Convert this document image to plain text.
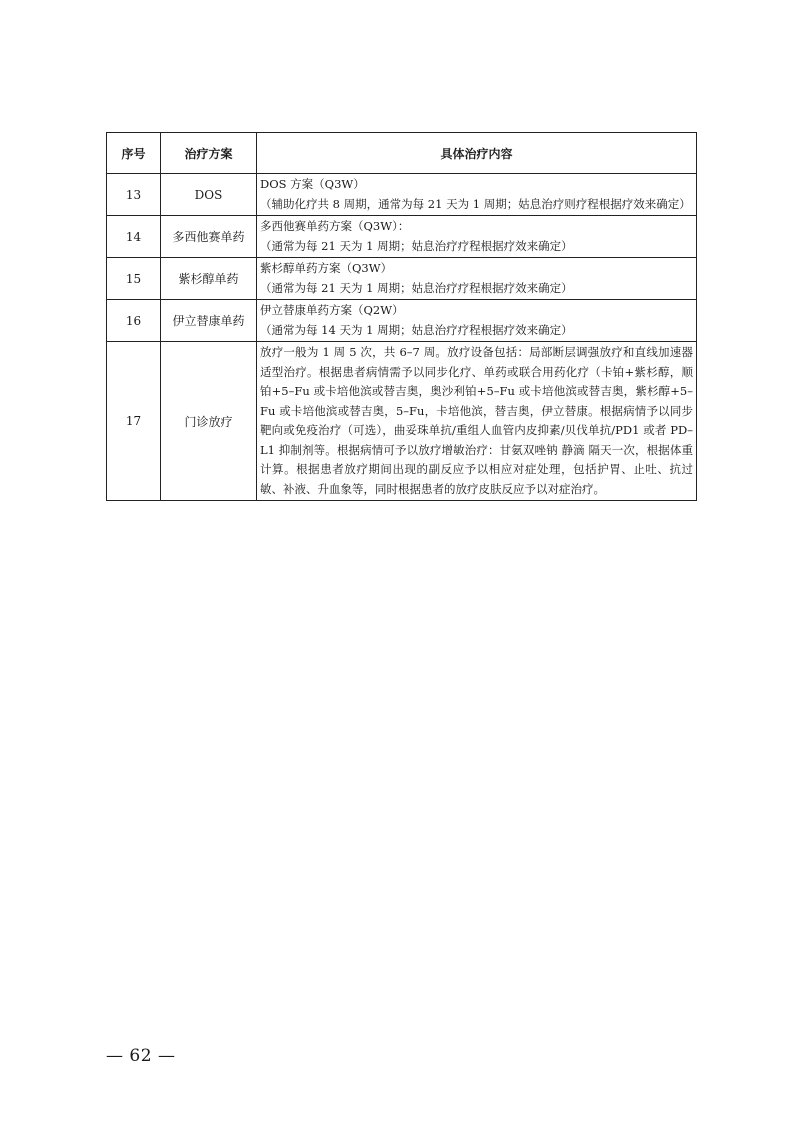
序号	治疗方案	具体治疗内容
13	DOS	DOS 方案（Q3W）
（辅助化疗共 8 周期，通常为每 21 天为 1 周期；姑息治疗则疗程根据疗效来确定）

14	多西他赛单药	多西他赛单药方案（Q3W）：
（通常为每 21 天为 1 周期；姑息治疗疗程根据疗效来确定）

15	紫杉醇单药	紫杉醇单药方案（Q3W）
（通常为每 21 天为 1 周期；姑息治疗疗程根据疗效来确定）

16	伊立替康单药	伊立替康单药方案（Q2W）
（通常为每 14 天为 1 周期；姑息治疗疗程根据疗效来确定）

17	门诊放疗	放疗一般为 1 周 5 次，共 6–7 周。放疗设备包括：局部断层调强放疗和直线加速器适型治疗。根据患者病情需予以同步化疗、单药或联合用药化疗（卡铂+紫杉醇，顺铂+5–Fu 或卡培他滨或替吉奥，奥沙利铂+5–Fu 或卡培他滨或替吉奥，紫杉醇+5–Fu 或卡培他滨或替吉奥，5–Fu，卡培他滨，替吉奥，伊立替康。根据病情予以同步靶向或免疫治疗（可选），曲妥珠单抗/重组人血管内皮抑素/贝伐单抗/PD1 或者 PD–L1 抑制剂等。根据病情可予以放疗增敏治疗：甘氨双唑钠 静滴 隔天一次，根据体重计算。根据患者放疗期间出现的副反应予以相应对症处理，包括护胃、止吐、抗过敏、补液、升血象等，同时根据患者的放疗皮肤反应予以对症治疗。
— 62 —
